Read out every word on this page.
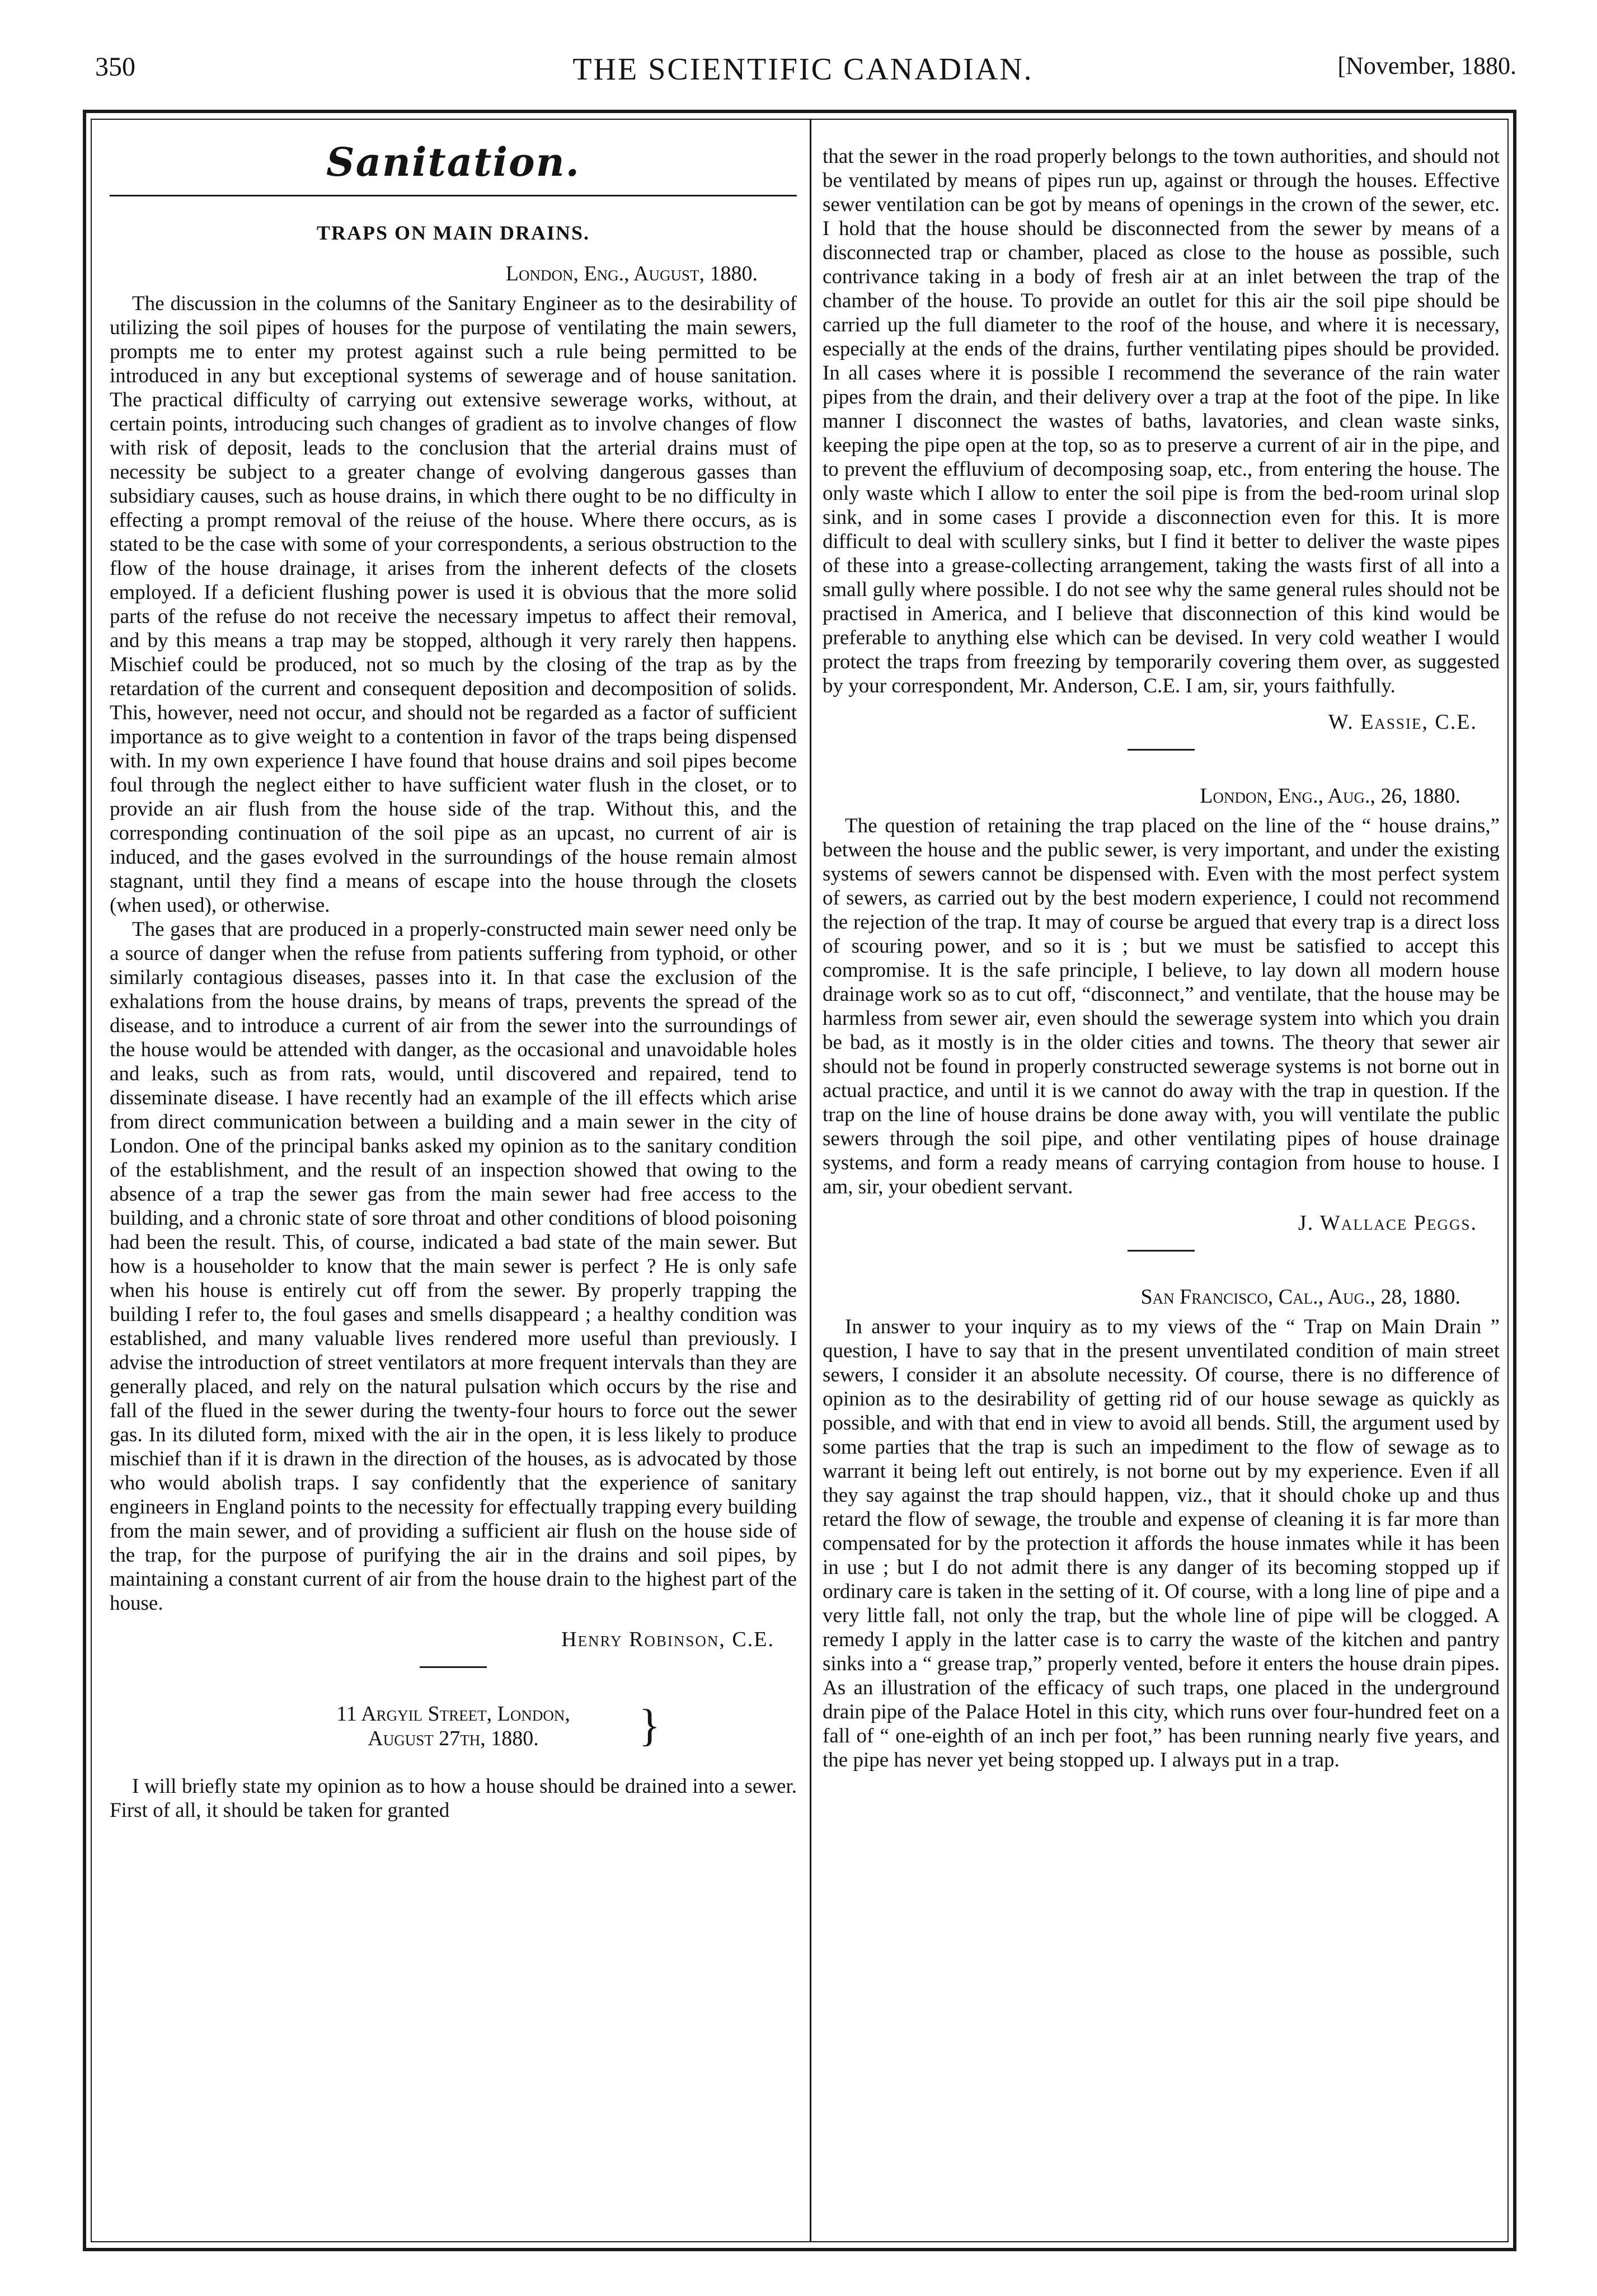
350	THE SCIENTIFIC CANADIAN.	[November, 1880.
Sanitation.
TRAPS ON MAIN DRAINS.
London, Eng., August, 1880.

The discussion in the columns of the Sanitary Engineer as to the desirability of utilizing the soil pipes of houses for the purpose of ventilating the main sewers, prompts me to enter my protest against such a rule being permitted to be introduced in any but exceptional systems of sewerage and of house sanitation. The practical difficulty of carrying out extensive sewerage works, without, at certain points, introducing such changes of gradient as to involve changes of flow with risk of deposit, leads to the conclusion that the arterial drains must of necessity be subject to a greater change of evolving dangerous gasses than subsidiary causes, such as house drains, in which there ought to be no difficulty in effecting a prompt removal of the reiuse of the house. Where there occurs, as is stated to be the case with some of your correspondents, a serious obstruction to the flow of the house drainage, it arises from the inherent defects of the closets employed. If a deficient flushing power is used it is obvious that the more solid parts of the refuse do not receive the necessary impetus to affect their removal, and by this means a trap may be stopped, although it very rarely then happens. Mischief could be produced, not so much by the closing of the trap as by the retardation of the current and consequent deposition and decomposition of solids. This, however, need not occur, and should not be regarded as a factor of sufficient importance as to give weight to a contention in favor of the traps being dispensed with. In my own experience I have found that house drains and soil pipes become foul through the neglect either to have sufficient water flush in the closet, or to provide an air flush from the house side of the trap. Without this, and the corresponding continuation of the soil pipe as an upcast, no current of air is induced, and the gases evolved in the surroundings of the house remain almost stagnant, until they find a means of escape into the house through the closets (when used), or otherwise.

The gases that are produced in a properly-constructed main sewer need only be a source of danger when the refuse from patients suffering from typhoid, or other similarly contagious diseases, passes into it. In that case the exclusion of the exhalations from the house drains, by means of traps, prevents the spread of the disease, and to introduce a current of air from the sewer into the surroundings of the house would be attended with danger, as the occasional and unavoidable holes and leaks, such as from rats, would, until discovered and repaired, tend to disseminate disease. I have recently had an example of the ill effects which arise from direct communication between a building and a main sewer in the city of London. One of the principal banks asked my opinion as to the sanitary condition of the establishment, and the result of an inspection showed that owing to the absence of a trap the sewer gas from the main sewer had free access to the building, and a chronic state of sore throat and other conditions of blood poisoning had been the result. This, of course, indicated a bad state of the main sewer. But how is a householder to know that the main sewer is perfect ? He is only safe when his house is entirely cut off from the sewer. By properly trapping the building I refer to, the foul gases and smells disappeard ; a healthy condition was established, and many valuable lives rendered more useful than previously. I advise the introduction of street ventilators at more frequent intervals than they are generally placed, and rely on the natural pulsation which occurs by the rise and fall of the flued in the sewer during the twenty-four hours to force out the sewer gas. In its diluted form, mixed with the air in the open, it is less likely to produce mischief than if it is drawn in the direction of the houses, as is advocated by those who would abolish traps. I say confidently that the experience of sanitary engineers in England points to the necessity for effectually trapping every building from the main sewer, and of providing a sufficient air flush on the house side of the trap, for the purpose of purifying the air in the drains and soil pipes, by maintaining a constant current of air from the house drain to the highest part of the house.

Henry Robinson, C.E.
11 Argyil Street, London,
August 27th, 1880.	}

I will briefly state my opinion as to how a house should be drained into a sewer. First of all, it should be taken for granted

that the sewer in the road properly belongs to the town authorities, and should not be ventilated by means of pipes run up, against or through the houses. Effective sewer ventilation can be got by means of openings in the crown of the sewer, etc. I hold that the house should be disconnected from the sewer by means of a disconnected trap or chamber, placed as close to the house as possible, such contrivance taking in a body of fresh air at an inlet between the trap of the chamber of the house. To provide an outlet for this air the soil pipe should be carried up the full diameter to the roof of the house, and where it is necessary, especially at the ends of the drains, further ventilating pipes should be provided. In all cases where it is possible I recommend the severance of the rain water pipes from the drain, and their delivery over a trap at the foot of the pipe. In like manner I disconnect the wastes of baths, lavatories, and clean waste sinks, keeping the pipe open at the top, so as to preserve a current of air in the pipe, and to prevent the effluvium of decomposing soap, etc., from entering the house. The only waste which I allow to enter the soil pipe is from the bed-room urinal slop sink, and in some cases I provide a disconnection even for this. It is more difficult to deal with scullery sinks, but I find it better to deliver the waste pipes of these into a grease-collecting arrangement, taking the wasts first of all into a small gully where possible. I do not see why the same general rules should not be practised in America, and I believe that disconnection of this kind would be preferable to anything else which can be devised. In very cold weather I would protect the traps from freezing by temporarily covering them over, as suggested by your correspondent, Mr. Anderson, C.E. I am, sir, yours faithfully.

W. Eassie, C.E.
London, Eng., Aug., 26, 1880.

The question of retaining the trap placed on the line of the “ house drains,” between the house and the public sewer, is very important, and under the existing systems of sewers cannot be dispensed with. Even with the most perfect system of sewers, as carried out by the best modern experience, I could not recommend the rejection of the trap. It may of course be argued that every trap is a direct loss of scouring power, and so it is ; but we must be satisfied to accept this compromise. It is the safe principle, I believe, to lay down all modern house drainage work so as to cut off, “disconnect,” and ventilate, that the house may be harmless from sewer air, even should the sewerage system into which you drain be bad, as it mostly is in the older cities and towns. The theory that sewer air should not be found in properly constructed sewerage systems is not borne out in actual practice, and until it is we cannot do away with the trap in question. If the trap on the line of house drains be done away with, you will ventilate the public sewers through the soil pipe, and other ventilating pipes of house drainage systems, and form a ready means of carrying contagion from house to house. I am, sir, your obedient servant.

J. Wallace Peggs.
San Francisco, Cal., Aug., 28, 1880.

In answer to your inquiry as to my views of the “ Trap on Main Drain ” question, I have to say that in the present unventilated condition of main street sewers, I consider it an absolute necessity. Of course, there is no difference of opinion as to the desirability of getting rid of our house sewage as quickly as possible, and with that end in view to avoid all bends. Still, the argument used by some parties that the trap is such an impediment to the flow of sewage as to warrant it being left out entirely, is not borne out by my experience. Even if all they say against the trap should happen, viz., that it should choke up and thus retard the flow of sewage, the trouble and expense of cleaning it is far more than compensated for by the protection it affords the house inmates while it has been in use ; but I do not admit there is any danger of its becoming stopped up if ordinary care is taken in the setting of it. Of course, with a long line of pipe and a very little fall, not only the trap, but the whole line of pipe will be clogged. A remedy I apply in the latter case is to carry the waste of the kitchen and pantry sinks into a “ grease trap,” properly vented, before it enters the house drain pipes. As an illustration of the efficacy of such traps, one placed in the underground drain pipe of the Palace Hotel in this city, which runs over four-hundred feet on a fall of “ one-eighth of an inch per foot,” has been running nearly five years, and the pipe has never yet being stopped up. I always put in a trap.
